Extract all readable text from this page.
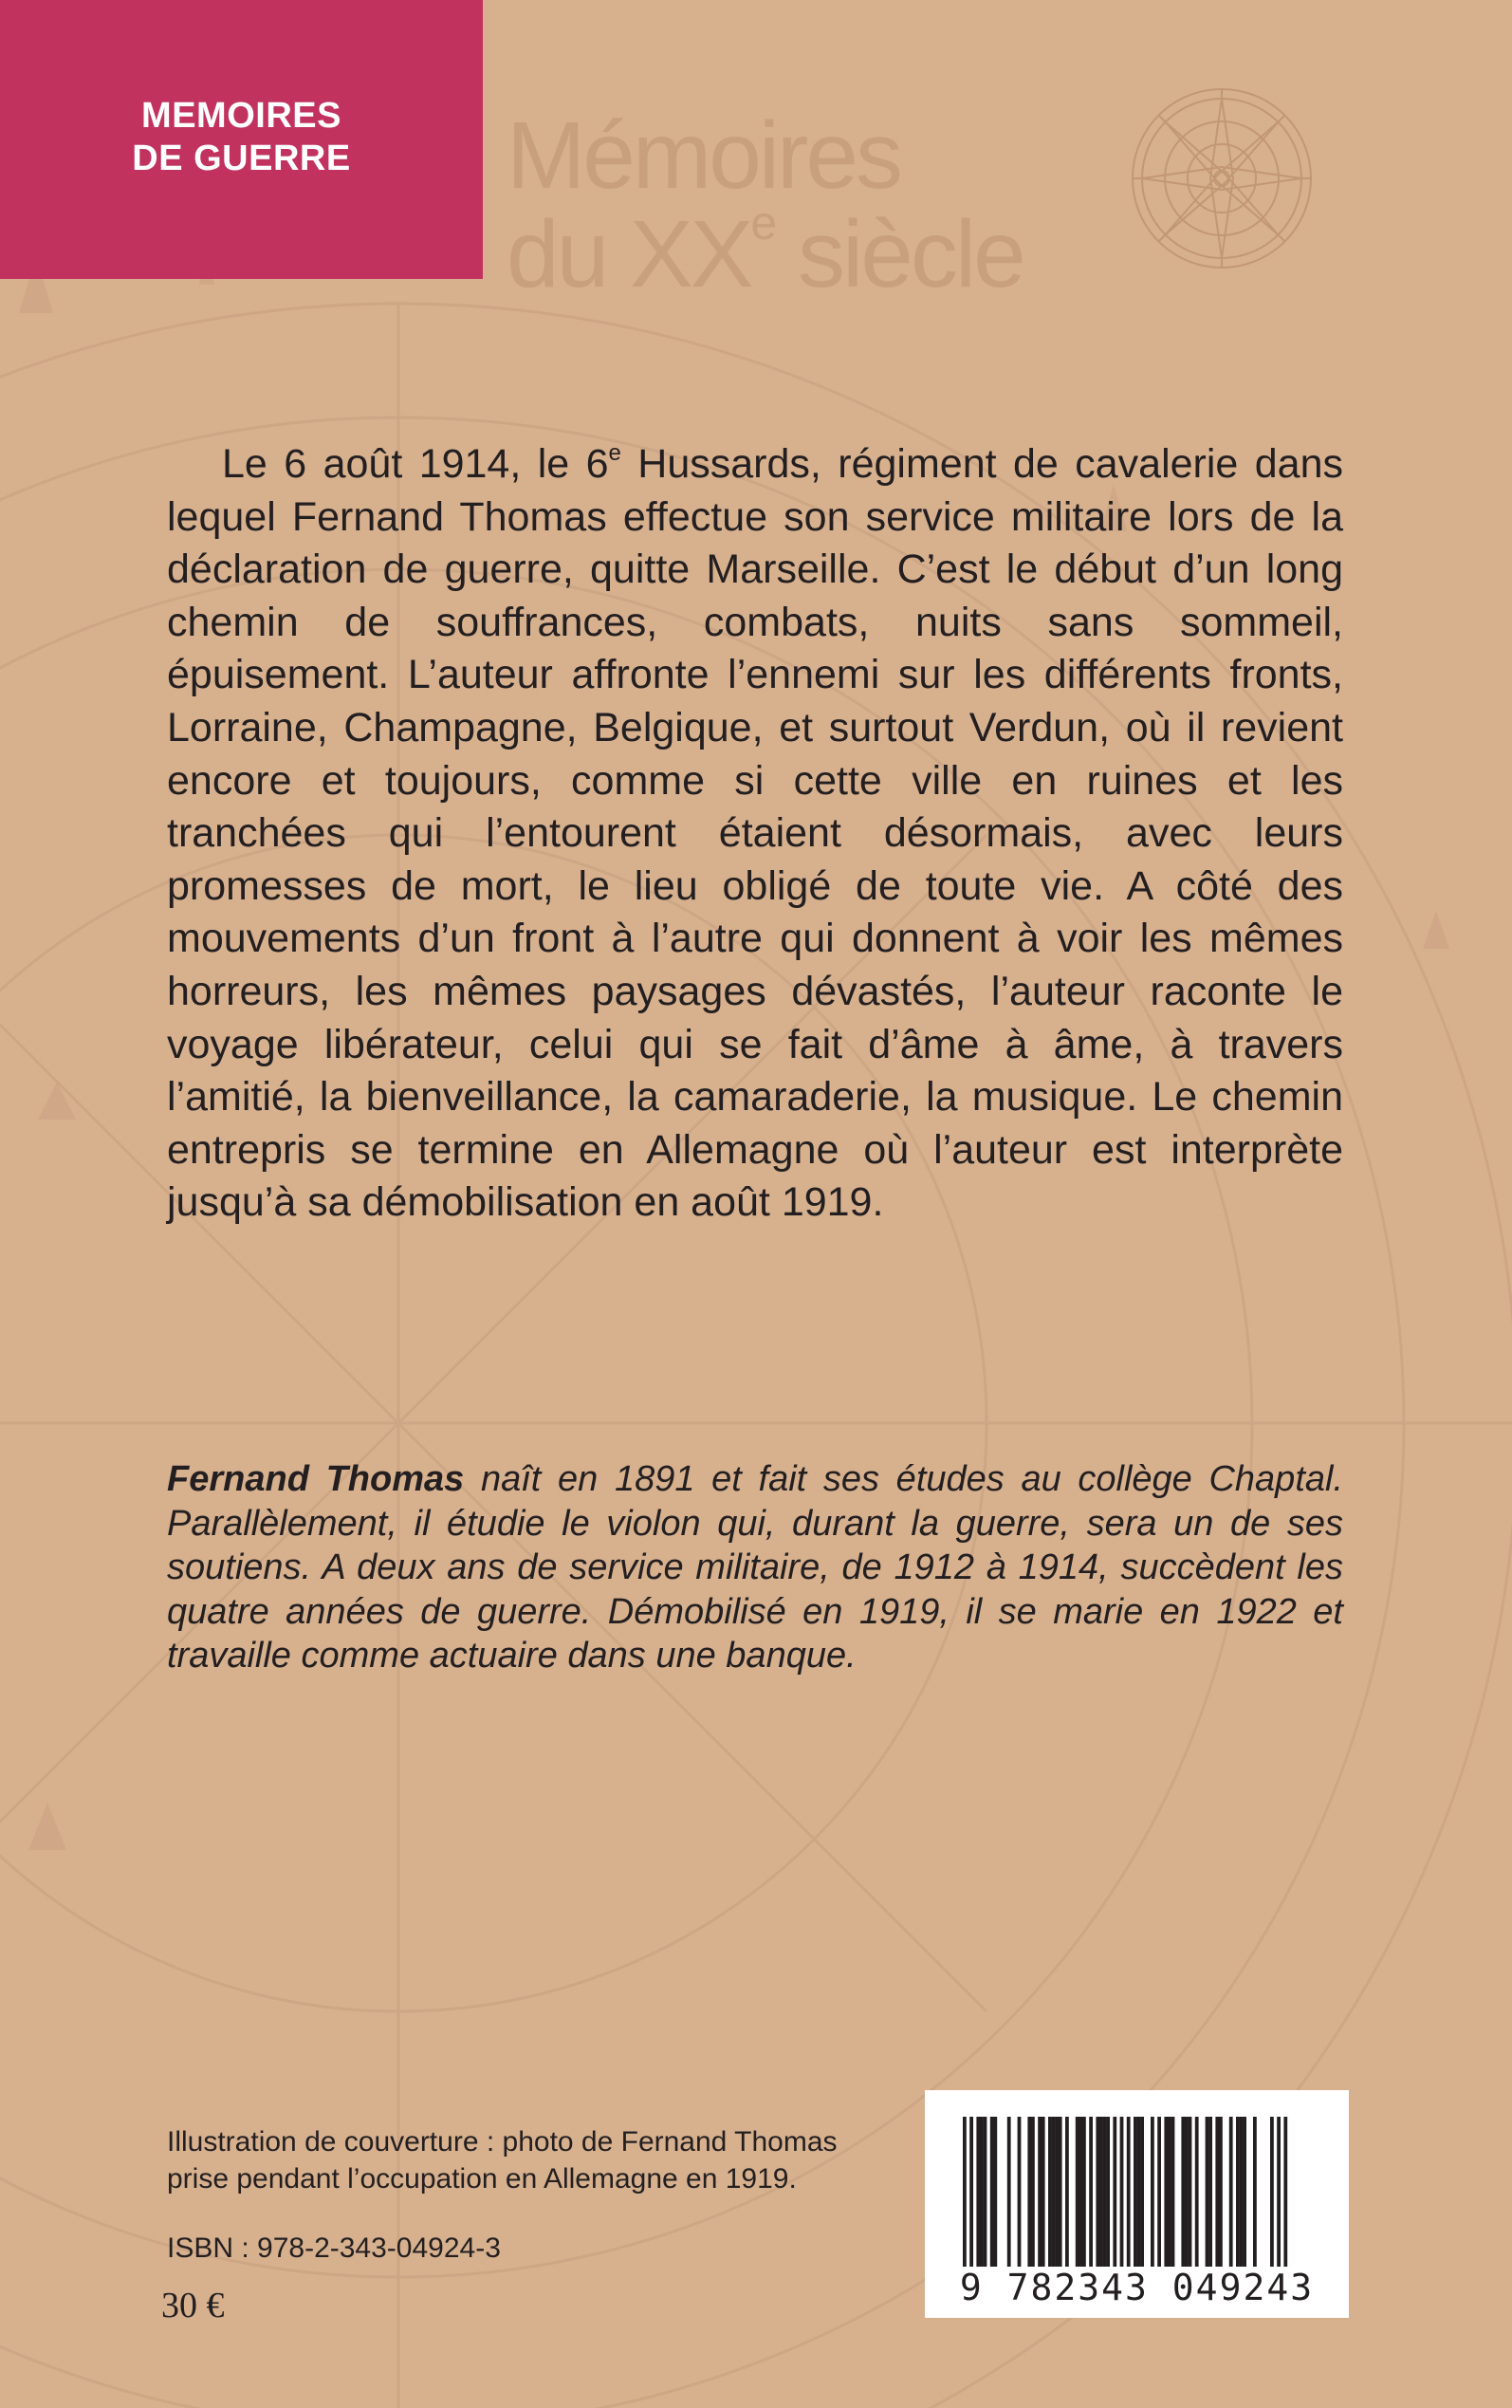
MEMOIRES
DE GUERRE	Mémoires
du XXe siècle

Le 6 août 1914, le 6e Hussards, régiment de cavalerie dans lequel Fernand Thomas effectue son service militaire lors de la déclaration de guerre, quitte Marseille. C’est le début d’un long chemin de souffrances, combats, nuits sans sommeil, épuisement. L’auteur affronte l’ennemi sur les différents fronts, Lorraine, Champagne, Belgique, et surtout Verdun, où il revient encore et toujours, comme si cette ville en ruines et les tranchées qui l’entourent étaient désormais, avec leurs promesses de mort, le lieu obligé de toute vie. A côté des mouvements d’un front à l’autre qui donnent à voir les mêmes horreurs, les mêmes paysages dévastés, l’auteur raconte le voyage libérateur, celui qui se fait d’âme à âme, à travers l’amitié, la bienveillance, la camaraderie, la musique. Le chemin entrepris se termine en Allemagne où l’auteur est interprète jusqu’à sa démobilisation en août 1919.

Fernand Thomas naît en 1891 et fait ses études au collège Chaptal. Parallèlement, il étudie le violon qui, durant la guerre, sera un de ses soutiens. A deux ans de service militaire, de 1912 à 1914, succèdent les quatre années de guerre. Démobilisé en 1919, il se marie en 1922 et travaille comme actuaire dans une banque.

Illustration de couverture : photo de Fernand Thomas
prise pendant l’occupation en Allemagne en 1919.

ISBN : 978-2-343-04924-3
30 €	9 782343 049243
